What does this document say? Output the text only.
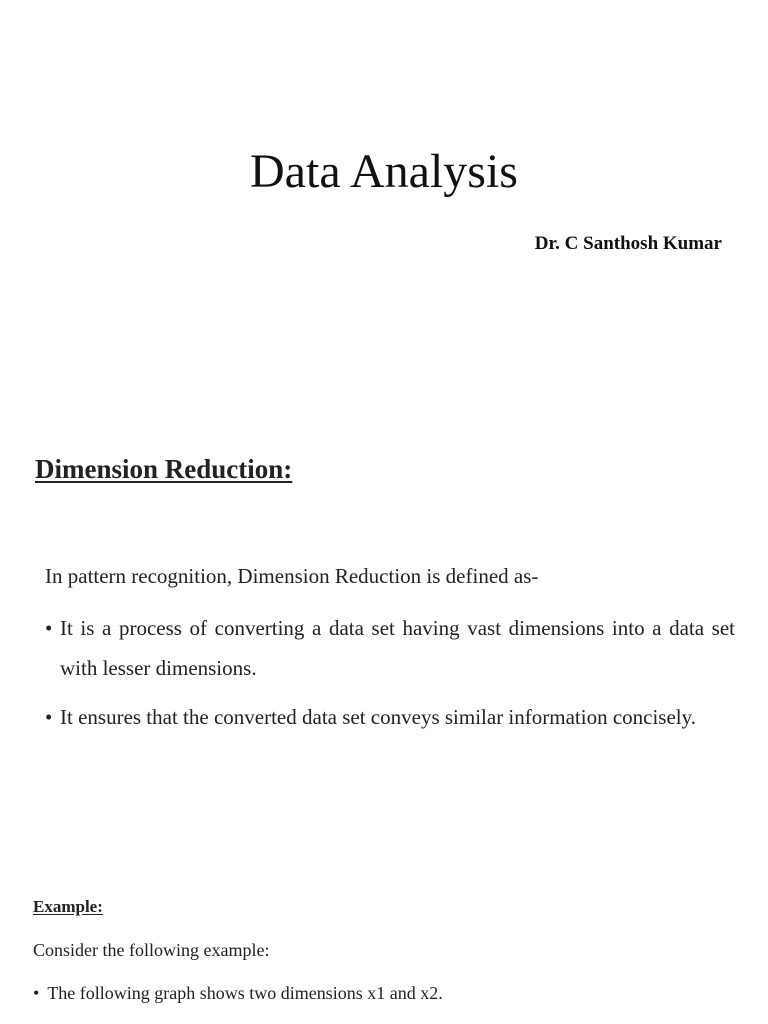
Data Analysis
Dr. C Santhosh Kumar
Dimension Reduction:
In pattern recognition, Dimension Reduction is defined as-
• It is a process of converting a data set having vast dimensions into a data set with lesser dimensions.
• It ensures that the converted data set conveys similar information concisely.
Example:
Consider the following example:
• The following graph shows two dimensions x1 and x2.
